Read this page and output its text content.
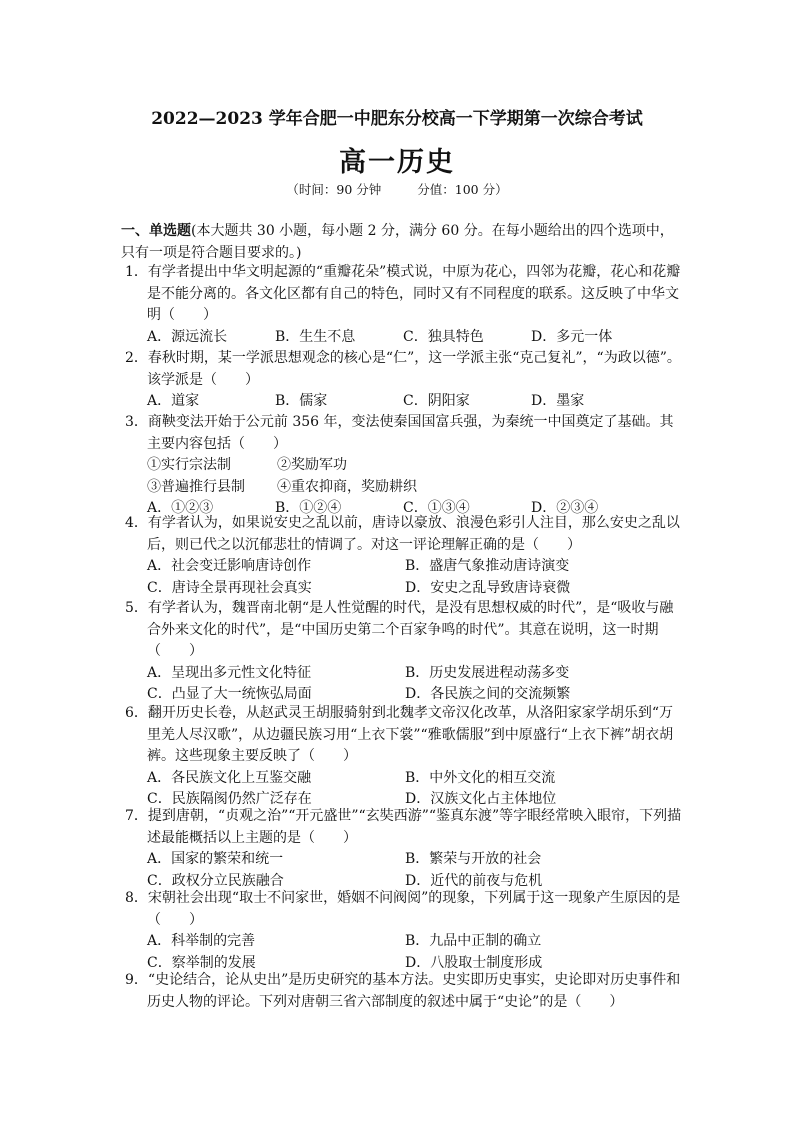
2022—2023 学年合肥一中肥东分校高一下学期第一次综合考试
高一历史
（时间：90 分钟	分值：100 分）
一、单选题(本大题共 30 小题，每小题 2 分，满分 60 分。在每小题给出的四个选项中，只有一项是符合题目要求的。)
1．有学者提出中华文明起源的“重瓣花朵”模式说，中原为花心，四邻为花瓣，花心和花瓣是不能分离的。各文化区都有自己的特色，同时又有不同程度的联系。这反映了中华文明（　　）
A．源远流长	B．生生不息	C．独具特色	D．多元一体
2．春秋时期，某一学派思想观念的核心是“仁”，这一学派主张“克己复礼”，“为政以德”。该学派是（　　）
A．道家	B．儒家	C．阴阳家	D．墨家
3．商鞅变法开始于公元前 356 年，变法使秦国国富兵强，为秦统一中国奠定了基础。其主要内容包括（　　）
①实行宗法制	②奖励军功
③普遍推行县制	④重农抑商，奖励耕织
A．①②③	B．①②④	C．①③④	D．②③④
4．有学者认为，如果说安史之乱以前，唐诗以豪放、浪漫色彩引人注目，那么安史之乱以后，则已代之以沉郁悲壮的情调了。对这一评论理解正确的是（　　）
A．社会变迁影响唐诗创作	B．盛唐气象推动唐诗演变
C．唐诗全景再现社会真实	D．安史之乱导致唐诗衰微
5．有学者认为，魏晋南北朝“是人性觉醒的时代，是没有思想权威的时代”，是“吸收与融合外来文化的时代”，是“中国历史第二个百家争鸣的时代”。其意在说明，这一时期（　　）
A．呈现出多元性文化特征	B．历史发展进程动荡多变
C．凸显了大一统恢弘局面	D．各民族之间的交流频繁
6．翻开历史长卷，从赵武灵王胡服骑射到北魏孝文帝汉化改革，从洛阳家家学胡乐到“万里羌人尽汉歌”，从边疆民族习用“上衣下裳”“雅歌儒服”到中原盛行“上衣下裤”胡衣胡裤。这些现象主要反映了（　　）
A．各民族文化上互鉴交融	B．中外文化的相互交流
C．民族隔阂仍然广泛存在	D．汉族文化占主体地位
7．提到唐朝，“贞观之治”“开元盛世”“玄奘西游”“鉴真东渡”等字眼经常映入眼帘，下列描述最能概括以上主题的是（　　）
A．国家的繁荣和统一	B．繁荣与开放的社会
C．政权分立民族融合	D．近代的前夜与危机
8．宋朝社会出现“取士不问家世，婚姻不问阀阅”的现象，下列属于这一现象产生原因的是（　　）
A．科举制的完善	B．九品中正制的确立
C．察举制的发展	D．八股取士制度形成
9．“史论结合，论从史出”是历史研究的基本方法。史实即历史事实，史论即对历史事件和历史人物的评论。下列对唐朝三省六部制度的叙述中属于“史论”的是（　　）
